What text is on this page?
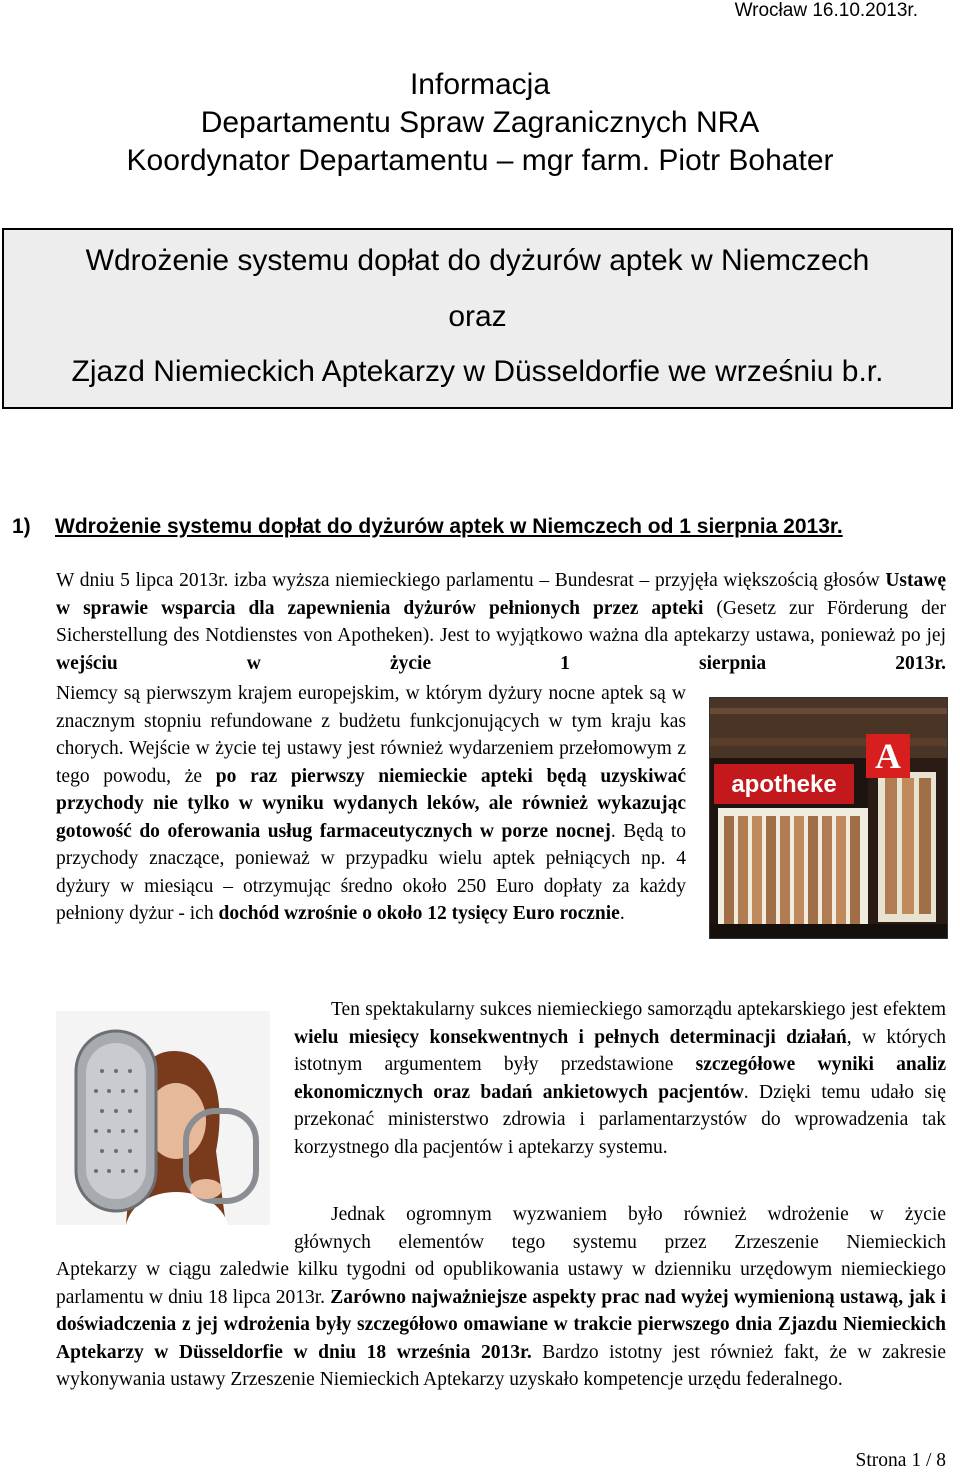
Wrocław 16.10.2013r.
Informacja
Departamentu Spraw Zagranicznych NRA
Koordynator Departamentu – mgr farm. Piotr Bohater
Wdrożenie systemu dopłat do dyżurów aptek w Niemczech
oraz
Zjazd Niemieckich Aptekarzy w Düsseldorfie we wrześniu b.r.
1) Wdrożenie systemu dopłat do dyżurów aptek w Niemczech od 1 sierpnia 2013r.

W dniu 5 lipca 2013r. izba wyższa niemieckiego parlamentu – Bundesrat – przyjęła większością głosów Ustawę w sprawie wsparcia dla zapewnienia dyżurów pełnionych przez apteki (Gesetz zur Förderung der Sicherstellung des Notdienstes von Apotheken). Jest to wyjątkowo ważna dla aptekarzy ustawa, ponieważ po jej wejściu w życie 1 sierpnia 2013r.

Niemcy są pierwszym krajem europejskim, w którym dyżury nocne aptek są w znacznym stopniu refundowane z budżetu funkcjonujących w tym kraju kas chorych. Wejście w życie tej ustawy jest również wydarzeniem przełomowym z tego powodu, że po raz pierwszy niemieckie apteki będą uzyskiwać przychody nie tylko w wyniku wydanych leków, ale również wykazując gotowość do oferowania usług farmaceutycznych w porze nocnej. Będą to przychody znaczące, ponieważ w przypadku wielu aptek pełniących np. 4 dyżury w miesiącu – otrzymując średno około 250 Euro dopłaty za każdy pełniony dyżur - ich dochód wzrośnie o około 12 tysięcy Euro rocznie.

apotheke
A

Ten spektakularny sukces niemieckiego samorządu aptekarskiego jest efektem wielu miesięcy konsekwentnych i pełnych determinacji działań, w których istotnym argumentem były przedstawione szczegółowe wyniki analiz ekonomicznych oraz badań ankietowych pacjentów. Dzięki temu udało się przekonać ministerstwo zdrowia i parlamentarzystów do wprowadzenia tak korzystnego dla pacjentów i aptekarzy systemu.

Jednak ogromnym wyzwaniem było również wdrożenie w życie

głównych elementów tego systemu przez Zrzeszenie Niemieckich

Aptekarzy w ciągu zaledwie kilku tygodni od opublikowania ustawy w dzienniku urzędowym niemieckiego parlamentu w dniu 18 lipca 2013r. Zarówno najważniejsze aspekty prac nad wyżej wymienioną ustawą, jak i doświadczenia z jej wdrożenia były szczegółowo omawiane w trakcie pierwszego dnia Zjazdu Niemieckich Aptekarzy w Düsseldorfie w dniu 18 września 2013r. Bardzo istotny jest również fakt, że w zakresie wykonywania ustawy Zrzeszenie Niemieckich Aptekarzy uzyskało kompetencje urzędu federalnego.

Strona 1 / 8
